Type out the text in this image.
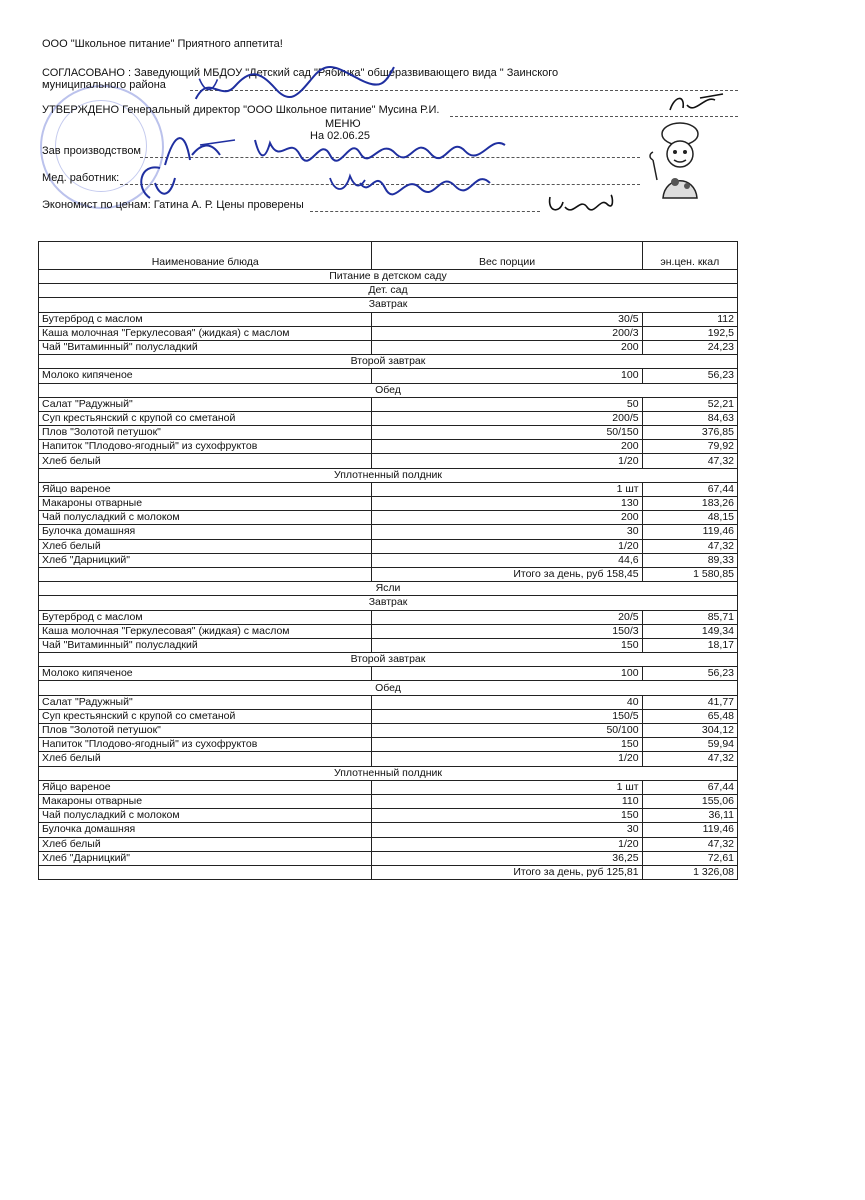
ООО "Школьное питание" Приятного аппетита!
СОГЛАСОВАНО : Заведующий МБДОУ "Детский сад "Рябинка" общеразвивающего вида " Заинского
муниципального района
УТВЕРЖДЕНО Генеральный директор "ООО Школьное питание" Мусина Р.И.
МЕНЮ
На 02.06.25
Зав производством
Мед. работник:
Экономист по ценам: Гатина А. Р. Цены проверены
Наименование блюда	Вес порции	эн.цен. ккал
Питание в детском саду		
Дет. сад		
Завтрак		
Бутерброд с маслом	30/5	112
Каша молочная "Геркулесовая" (жидкая) с маслом	200/3	192,5
Чай "Витаминный" полусладкий	200	24,23
Второй завтрак		
Молоко кипяченое	100	56,23
Обед		
Салат "Радужный"	50	52,21
Суп крестьянский с крупой со сметаной	200/5	84,63
Плов "Золотой петушок"	50/150	376,85
Напиток "Плодово-ягодный" из сухофруктов	200	79,92
Хлеб белый	1/20	47,32
Уплотненный полдник		
Яйцо вареное	1 шт	67,44
Макароны отварные	130	183,26
Чай полусладкий с молоком	200	48,15
Булочка домашняя	30	119,46
Хлеб белый	1/20	47,32
Хлеб "Дарницкий"	44,6	89,33
	Итого за день, руб 158,45	1 580,85
Ясли		
Завтрак		
Бутерброд с маслом	20/5	85,71
Каша молочная "Геркулесовая" (жидкая) с маслом	150/3	149,34
Чай "Витаминный" полусладкий	150	18,17
Второй завтрак		
Молоко кипяченое	100	56,23
Обед		
Салат "Радужный"	40	41,77
Суп крестьянский с крупой со сметаной	150/5	65,48
Плов "Золотой петушок"	50/100	304,12
Напиток "Плодово-ягодный" из сухофруктов	150	59,94
Хлеб белый	1/20	47,32
Уплотненный полдник		
Яйцо вареное	1 шт	67,44
Макароны отварные	110	155,06
Чай полусладкий с молоком	150	36,11
Булочка домашняя	30	119,46
Хлеб белый	1/20	47,32
Хлеб "Дарницкий"	36,25	72,61
	Итого за день, руб 125,81	1 326,08
